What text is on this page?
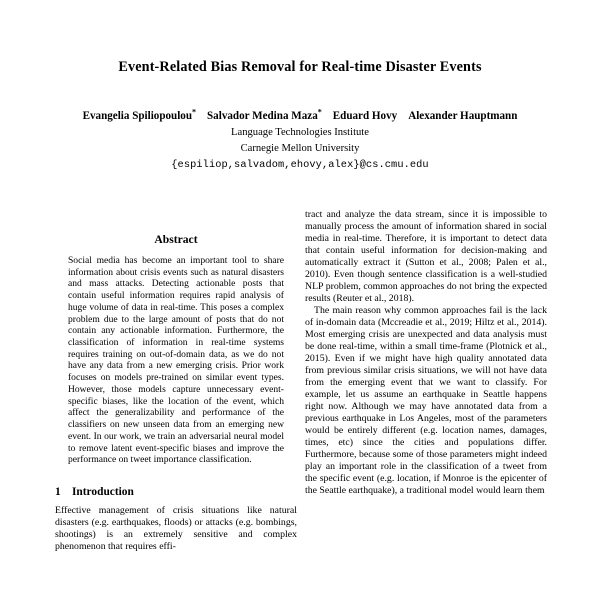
Event-Related Bias Removal for Real-time Disaster Events
Evangelia Spiliopoulou* Salvador Medina Maza* Eduard Hovy Alexander Hauptmann
Language Technologies Institute
Carnegie Mellon University
{espiliop,salvadom,ehovy,alex}@cs.cmu.edu
Abstract

Social media has become an important tool to share information about crisis events such as natural disasters and mass attacks. Detecting actionable posts that contain useful information requires rapid analysis of huge volume of data in real-time. This poses a complex problem due to the large amount of posts that do not contain any actionable information. Furthermore, the classification of information in real-time systems requires training on out-of-domain data, as we do not have any data from a new emerging crisis. Prior work focuses on models pre-trained on similar event types. However, those models capture unnecessary event-specific biases, like the location of the event, which affect the generalizability and performance of the classifiers on new unseen data from an emerging new event. In our work, we train an adversarial neural model to remove latent event-specific biases and improve the performance on tweet importance classification.

1 Introduction

Effective management of crisis situations like natural disasters (e.g. earthquakes, floods) or attacks (e.g. bombings, shootings) is an extremely sensitive and complex phenomenon that requires effi-

tract and analyze the data stream, since it is impossible to manually process the amount of information shared in social media in real-time. Therefore, it is important to detect data that contain useful information for decision-making and automatically extract it (Sutton et al., 2008; Palen et al., 2010). Even though sentence classification is a well-studied NLP problem, common approaches do not bring the expected results (Reuter et al., 2018).

The main reason why common approaches fail is the lack of in-domain data (Mccreadie et al., 2019; Hiltz et al., 2014). Most emerging crisis are unexpected and data analysis must be done real-time, within a small time-frame (Plotnick et al., 2015). Even if we might have high quality annotated data from previous similar crisis situations, we will not have data from the emerging event that we want to classify. For example, let us assume an earthquake in Seattle happens right now. Although we may have annotated data from a previous earthquake in Los Angeles, most of the parameters would be entirely different (e.g. location names, damages, times, etc) since the cities and populations differ. Furthermore, because some of those parameters might indeed play an important role in the classification of a tweet from the specific event (e.g. location, if Monroe is the epicenter of the Seattle earthquake), a traditional model would learn them
